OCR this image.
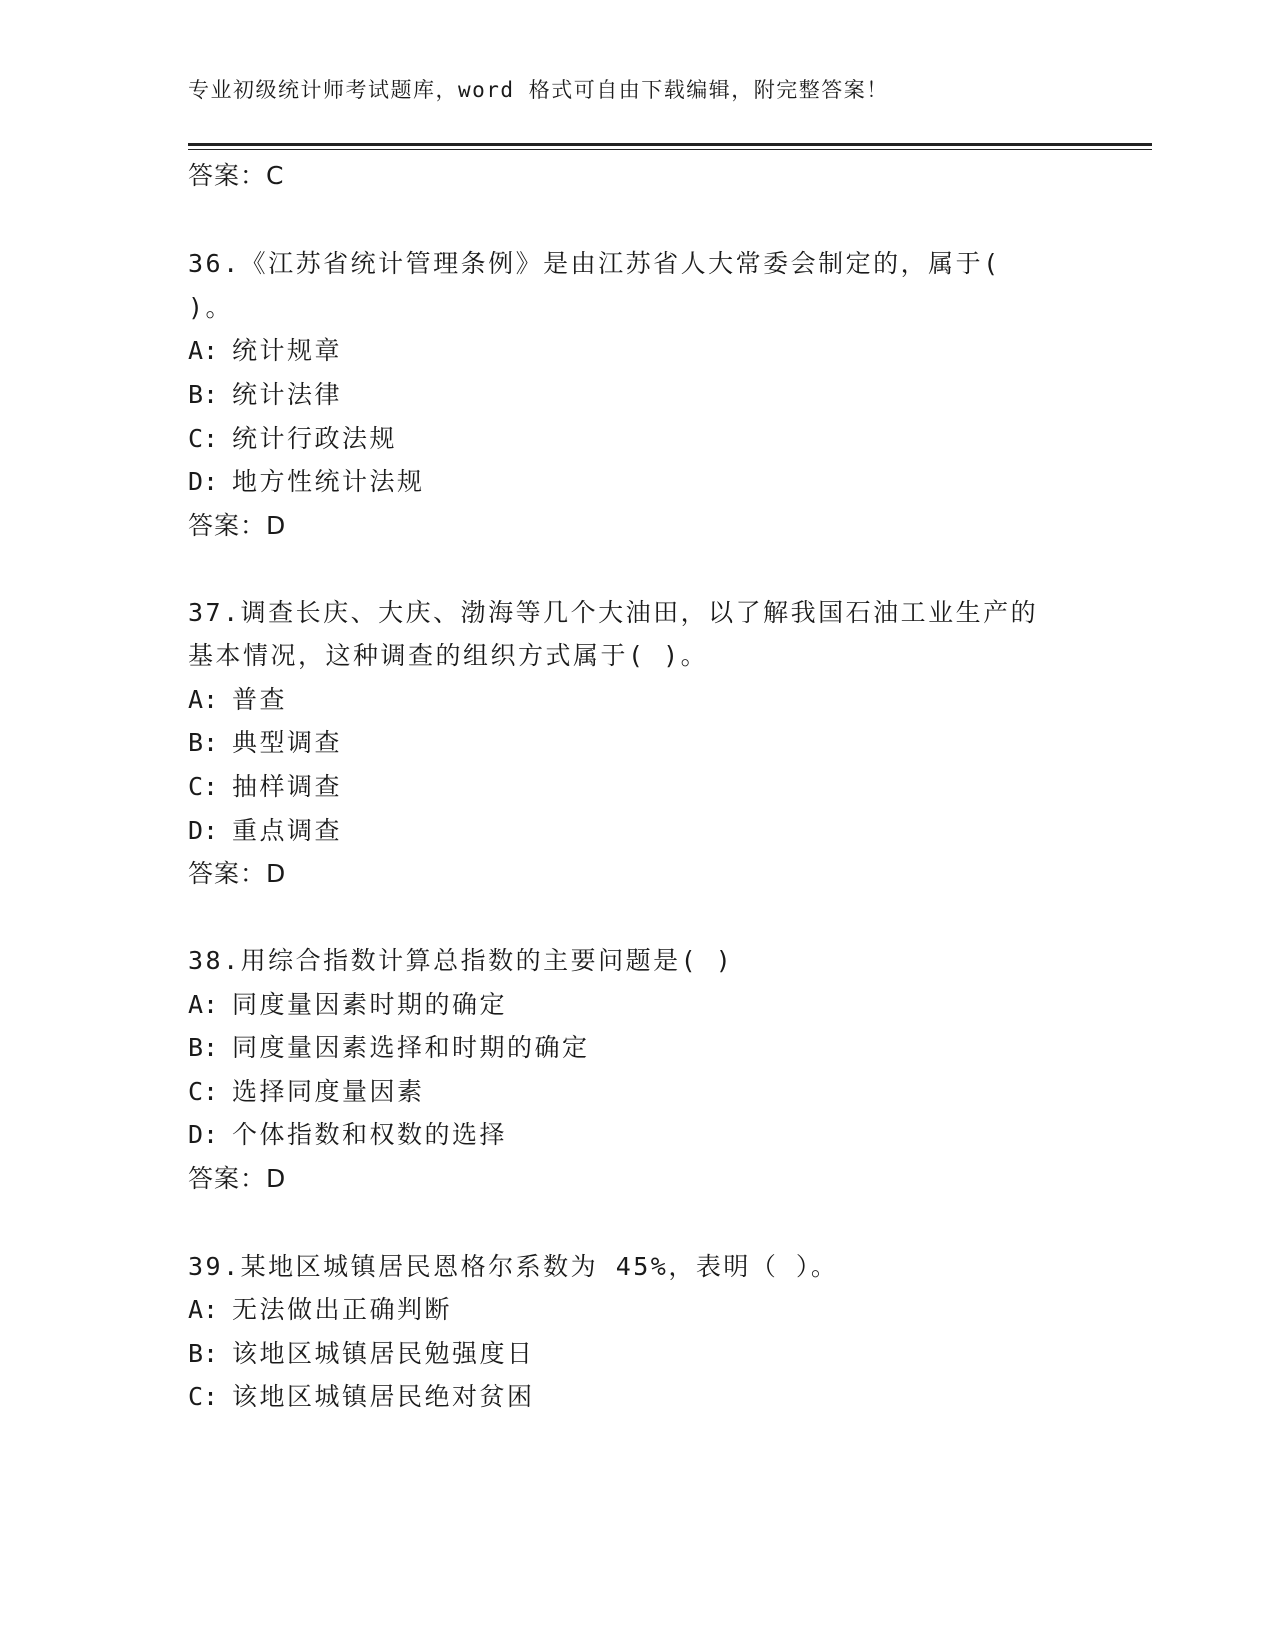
专业初级统计师考试题库，word 格式可自由下载编辑，附完整答案！
答案：C
36.《江苏省统计管理条例》是由江苏省人大常委会制定的，属于(
)。
A: 统计规章
B: 统计法律
C: 统计行政法规
D: 地方性统计法规
答案：D
37.调查长庆、大庆、渤海等几个大油田，以了解我国石油工业生产的
基本情况，这种调查的组织方式属于( )。
A: 普查
B: 典型调查
C: 抽样调查
D: 重点调查
答案：D
38.用综合指数计算总指数的主要问题是( )
A: 同度量因素时期的确定
B: 同度量因素选择和时期的确定
C: 选择同度量因素
D: 个体指数和权数的选择
答案：D
39.某地区城镇居民恩格尔系数为 45%，表明（ ）。
A: 无法做出正确判断
B: 该地区城镇居民勉强度日
C: 该地区城镇居民绝对贫困
